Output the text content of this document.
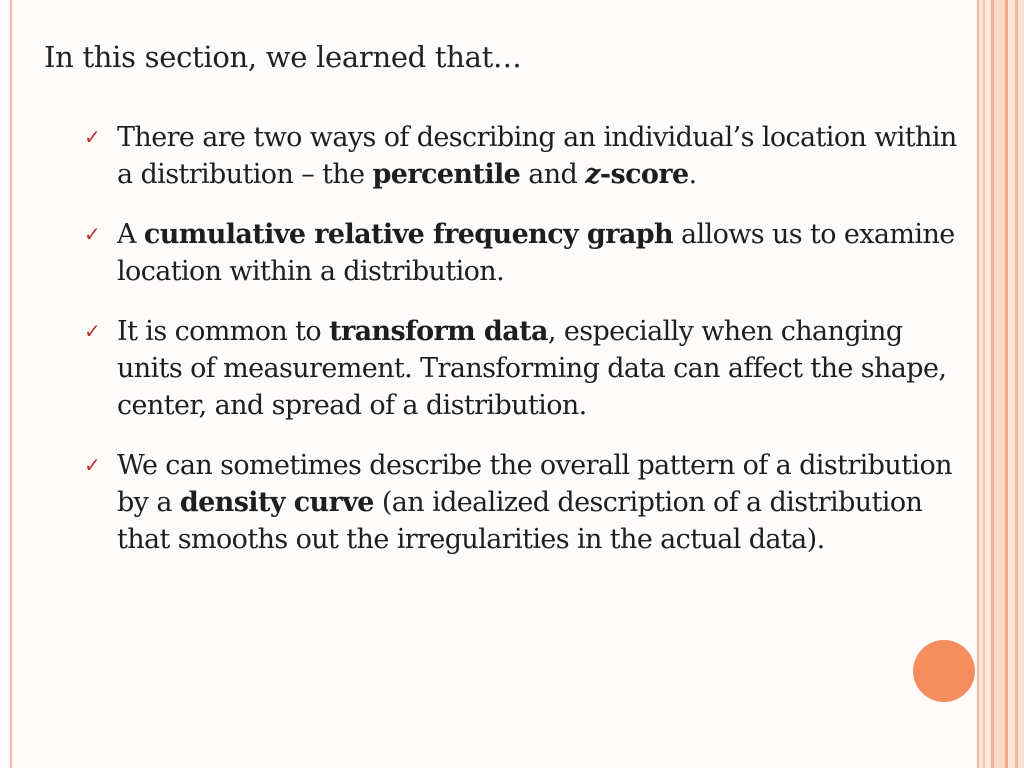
In this section, we learned that…
✓ There are two ways of describing an individual’s location within a distribution – the percentile and z-score.
✓ A cumulative relative frequency graph allows us to examine location within a distribution.
✓ It is common to transform data, especially when changing units of measurement. Transforming data can affect the shape, center, and spread of a distribution.
✓ We can sometimes describe the overall pattern of a distribution by a density curve (an idealized description of a distribution that smooths out the irregularities in the actual data).
